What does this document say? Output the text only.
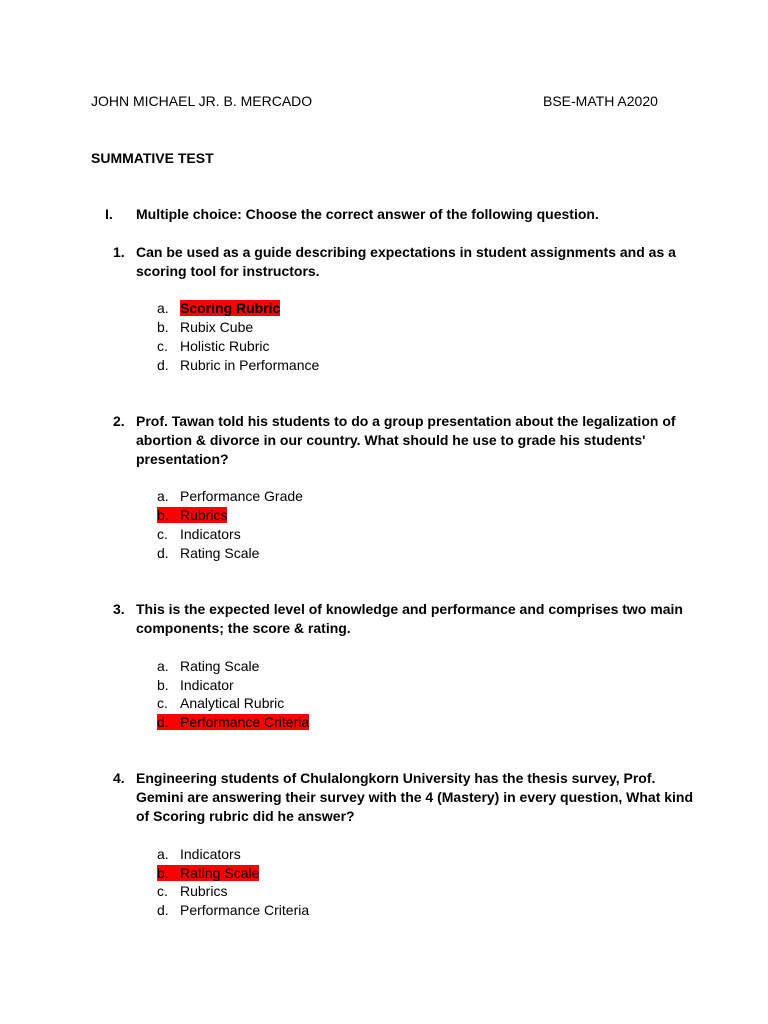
JOHN MICHAEL JR. B. MERCADO	BSE-MATH A2020
SUMMATIVE TEST
I. Multiple choice: Choose the correct answer of the following question.
1. Can be used as a guide describing expectations in student assignments and as a scoring tool for instructors.
a. Scoring Rubric
b. Rubix Cube
c. Holistic Rubric
d. Rubric in Performance
2. Prof. Tawan told his students to do a group presentation about the legalization of abortion & divorce in our country. What should he use to grade his students' presentation?
a. Performance Grade
b. Rubrics
c. Indicators
d. Rating Scale
3. This is the expected level of knowledge and performance and comprises two main components; the score & rating.
a. Rating Scale
b. Indicator
c. Analytical Rubric
d. Performance Criteria
4. Engineering students of Chulalongkorn University has the thesis survey, Prof. Gemini are answering their survey with the 4 (Mastery) in every question, What kind of Scoring rubric did he answer?
a. Indicators
b. Rating Scale
c. Rubrics
d. Performance Criteria
